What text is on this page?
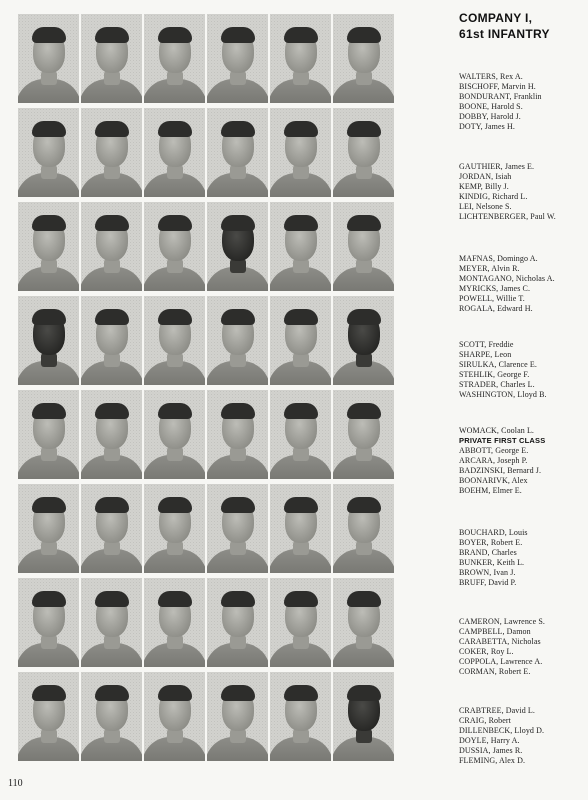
COMPANY I,
61st INFANTRY
WALTERS, Rex A.
BISCHOFF, Marvin H.
BONDURANT, Franklin
BOONE, Harold S.
DOBBY, Harold J.
DOTY, James H.
GAUTHIER, James E.
JORDAN, Isiah
KEMP, Billy J.
KINDIG, Richard L.
LEI, Nelsone S.
LICHTENBERGER, Paul W.
MAFNAS, Domingo A.
MEYER, Alvin R.
MONTAGANO, Nicholas A.
MYRICKS, James C.
POWELL, Willie T.
ROGALA, Edward H.
SCOTT, Freddie
SHARPE, Leon
SIRULKA, Clarence E.
STEHLIK, George F.
STRADER, Charles L.
WASHINGTON, Lloyd B.
WOMACK, Coolan L.
PRIVATE FIRST CLASS
ABBOTT, George E.
ARCARA, Joseph P.
BADZINSKI, Bernard J.
BOONARIVK, Alex
BOEHM, Elmer E.
BOUCHARD, Louis
BOYER, Robert E.
BRAND, Charles
BUNKER, Keith L.
BROWN, Ivan J.
BRUFF, David P.
CAMERON, Lawrence S.
CAMPBELL, Damon
CARABETTA, Nicholas
COKER, Roy L.
COPPOLA, Lawrence A.
CORMAN, Robert E.
CRABTREE, David L.
CRAIG, Robert
DILLENBECK, Lloyd D.
DOYLE, Harry A.
DUSSIA, James R.
FLEMING, Alex D.
110
